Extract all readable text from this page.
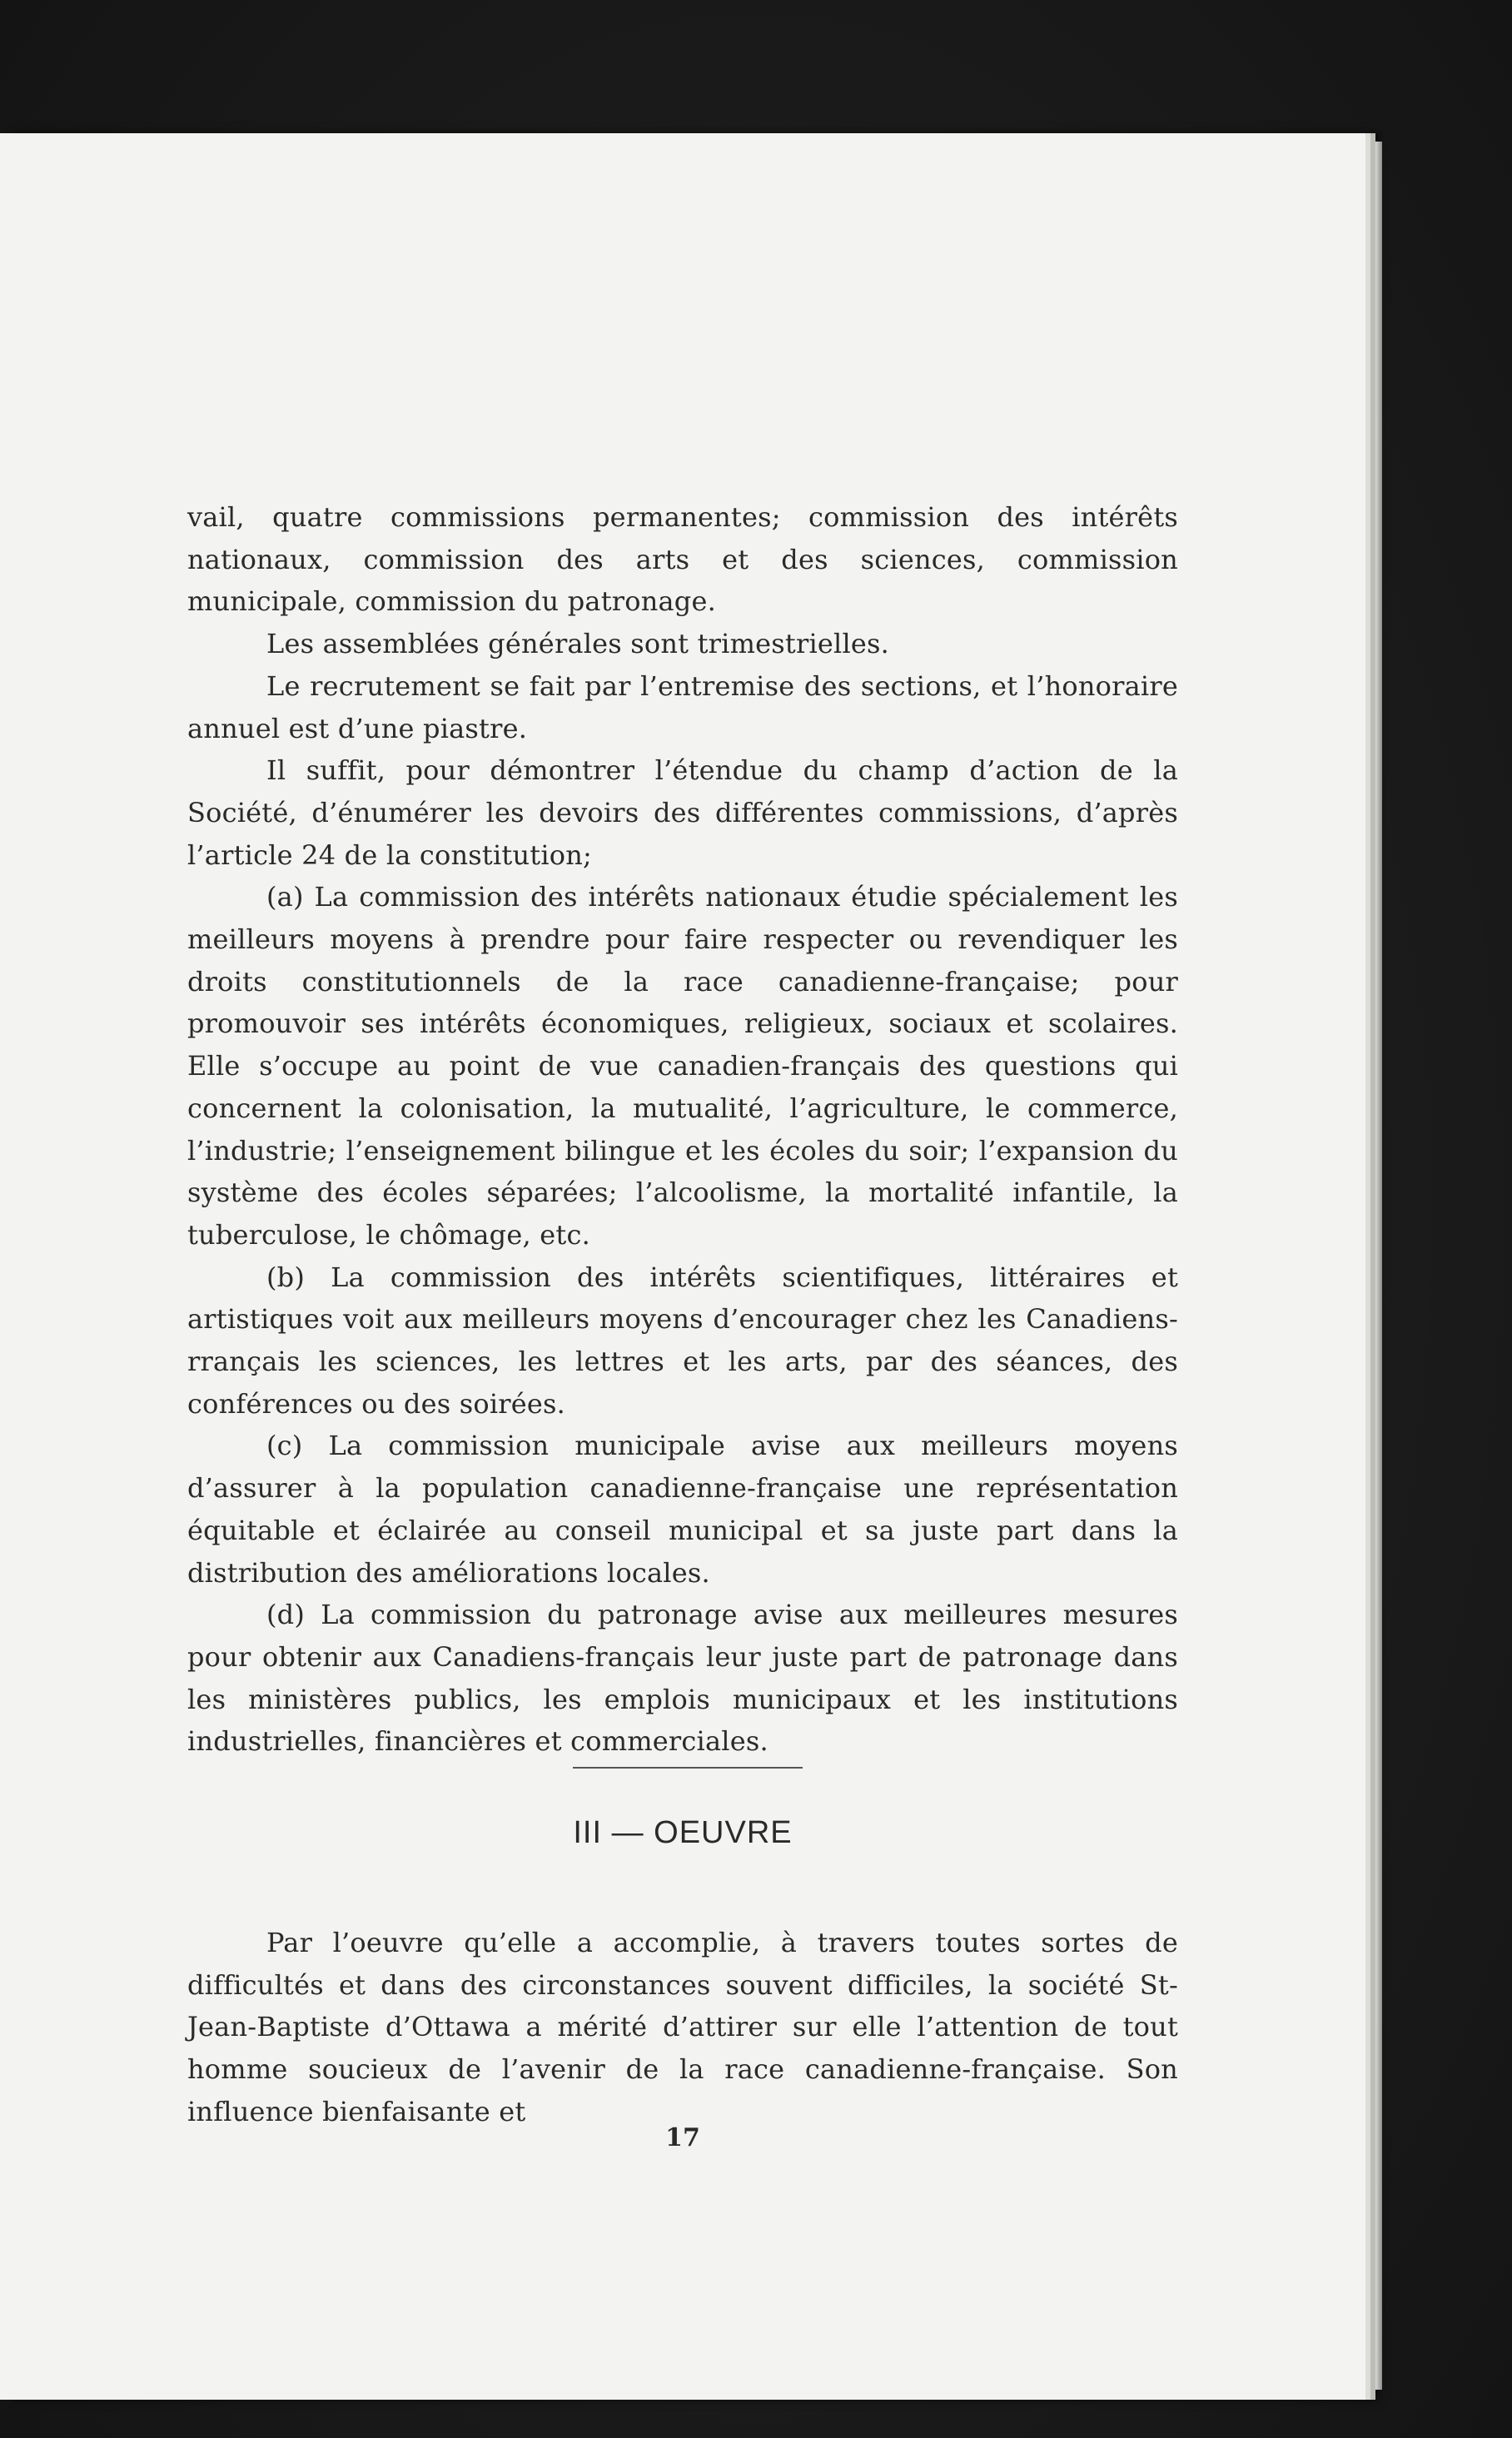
vail, quatre commissions permanentes; commission des intérêts nationaux, commission des arts et des sciences, commission municipale, commission du patronage.

Les assemblées générales sont trimestrielles.

Le recrutement se fait par l’entremise des sections, et l’honoraire annuel est d’une piastre.

Il suffit, pour démontrer l’étendue du champ d’action de la Société, d’énumérer les devoirs des différentes commissions, d’après l’article 24 de la constitution;

(a) La commission des intérêts nationaux étudie spécialement les meilleurs moyens à prendre pour faire respecter ou revendiquer les droits constitutionnels de la race canadienne-française; pour promouvoir ses intérêts économiques, religieux, sociaux et scolaires. Elle s’occupe au point de vue canadien-français des questions qui concernent la colonisation, la mutualité, l’agriculture, le commerce, l’industrie; l’enseignement bilingue et les écoles du soir; l’expansion du système des écoles séparées; l’alcoolisme, la mortalité infantile, la tuberculose, le chômage, etc.

(b) La commission des intérêts scientifiques, littéraires et artistiques voit aux meilleurs moyens d’encourager chez les Canadiens-rrançais les sciences, les lettres et les arts, par des séances, des conférences ou des soirées.

(c) La commission municipale avise aux meilleurs moyens d’assurer à la population canadienne-française une représentation équitable et éclairée au conseil municipal et sa juste part dans la distribution des améliorations locales.

(d) La commission du patronage avise aux meilleures mesures pour obtenir aux Canadiens-français leur juste part de patronage dans les ministères publics, les emplois municipaux et les institutions industrielles, financières et commerciales.

III — OEUVRE

Par l’oeuvre qu’elle a accomplie, à travers toutes sortes de difficultés et dans des circonstances souvent difficiles, la société St-Jean-Baptiste d’Ottawa a mérité d’attirer sur elle l’attention de tout homme soucieux de l’avenir de la race canadienne-française. Son influence bienfaisante et

17
